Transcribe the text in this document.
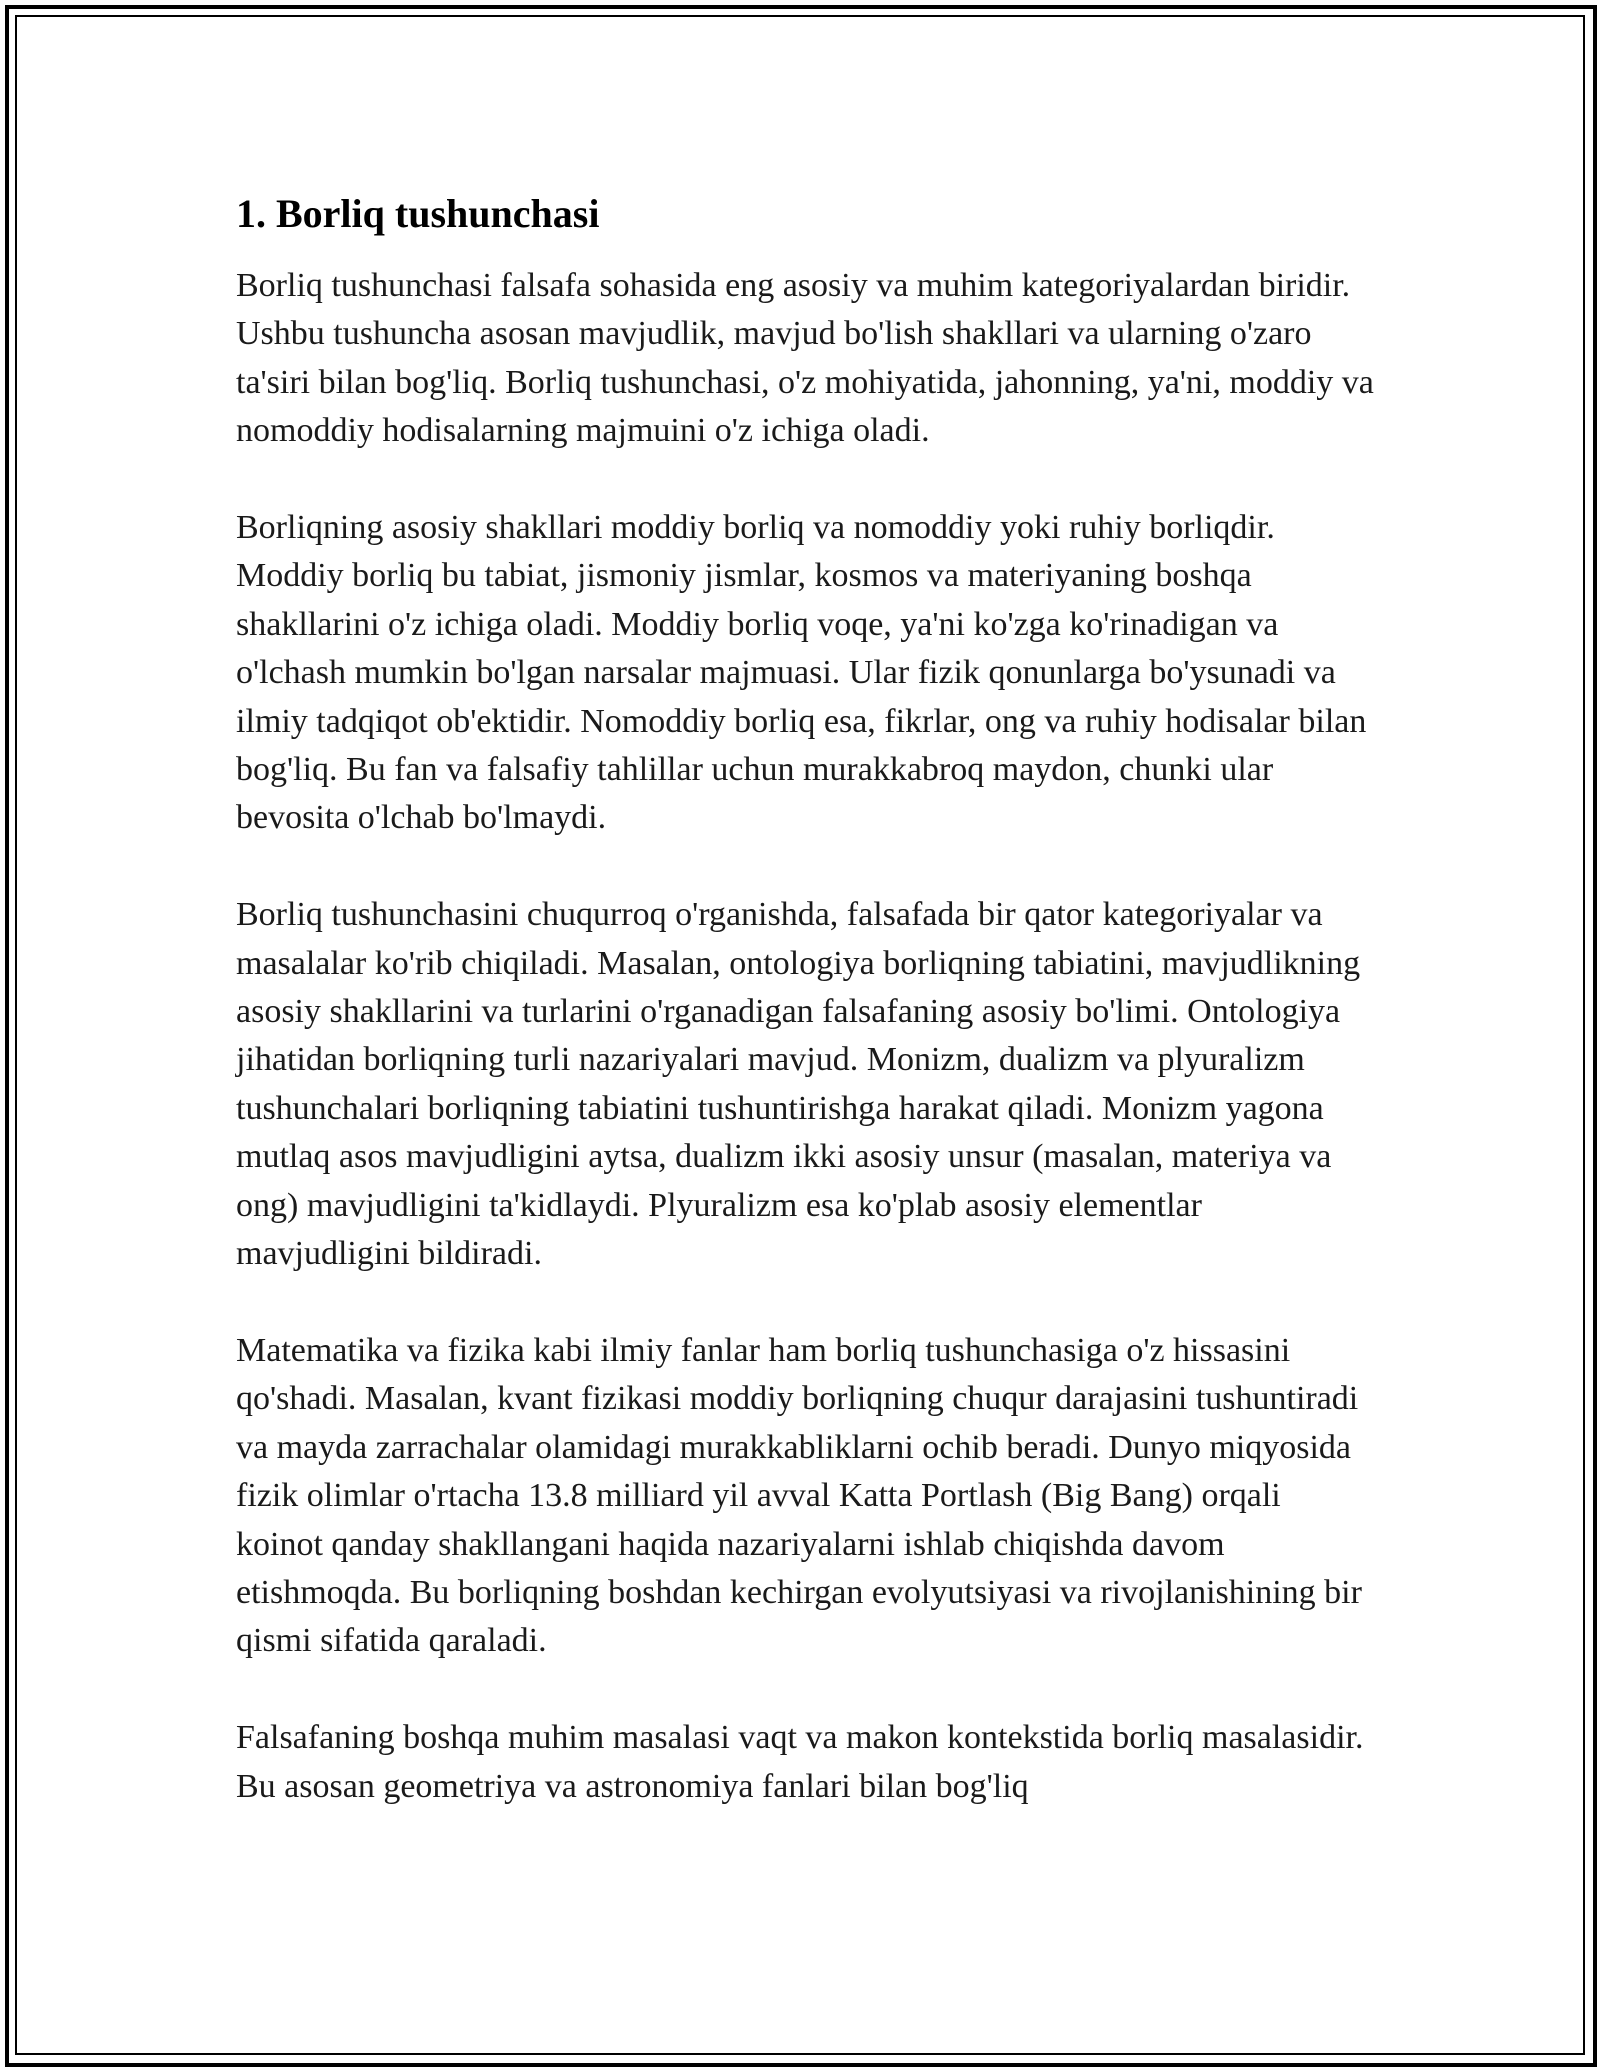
1. Borliq tushunchasi

Borliq tushunchasi falsafa sohasida eng asosiy va muhim kategoriyalardan biridir. Ushbu tushuncha asosan mavjudlik, mavjud bo'lish shakllari va ularning o'zaro ta'siri bilan bog'liq. Borliq tushunchasi, o'z mohiyatida, jahonning, ya'ni, moddiy va nomoddiy hodisalarning majmuini o'z ichiga oladi.

Borliqning asosiy shakllari moddiy borliq va nomoddiy yoki ruhiy borliqdir. Moddiy borliq bu tabiat, jismoniy jismlar, kosmos va materiyaning boshqa shakllarini o'z ichiga oladi. Moddiy borliq voqe, ya'ni ko'zga ko'rinadigan va o'lchash mumkin bo'lgan narsalar majmuasi. Ular fizik qonunlarga bo'ysunadi va ilmiy tadqiqot ob'ektidir. Nomoddiy borliq esa, fikrlar, ong va ruhiy hodisalar bilan bog'liq. Bu fan va falsafiy tahlillar uchun murakkabroq maydon, chunki ular bevosita o'lchab bo'lmaydi.

Borliq tushunchasini chuqurroq o'rganishda, falsafada bir qator kategoriyalar va masalalar ko'rib chiqiladi. Masalan, ontologiya borliqning tabiatini, mavjudlikning asosiy shakllarini va turlarini o'rganadigan falsafaning asosiy bo'limi. Ontologiya jihatidan borliqning turli nazariyalari mavjud. Monizm, dualizm va plyuralizm tushunchalari borliqning tabiatini tushuntirishga harakat qiladi. Monizm yagona mutlaq asos mavjudligini aytsa, dualizm ikki asosiy unsur (masalan, materiya va ong) mavjudligini ta'kidlaydi. Plyuralizm esa ko'plab asosiy elementlar mavjudligini bildiradi.

Matematika va fizika kabi ilmiy fanlar ham borliq tushunchasiga o'z hissasini qo'shadi. Masalan, kvant fizikasi moddiy borliqning chuqur darajasini tushuntiradi va mayda zarrachalar olamidagi murakkabliklarni ochib beradi. Dunyo miqyosida fizik olimlar o'rtacha 13.8 milliard yil avval Katta Portlash (Big Bang) orqali koinot qanday shakllangani haqida nazariyalarni ishlab chiqishda davom etishmoqda. Bu borliqning boshdan kechirgan evolyutsiyasi va rivojlanishining bir qismi sifatida qaraladi.

Falsafaning boshqa muhim masalasi vaqt va makon kontekstida borliq masalasidir. Bu asosan geometriya va astronomiya fanlari bilan bog'liq
